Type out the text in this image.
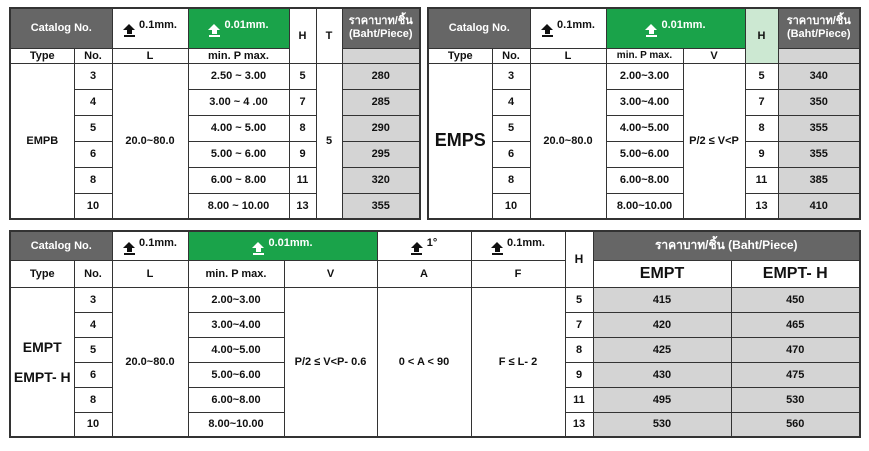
Catalog No.		0.1mm.	0.01mm.	H	T	ราคาบาท/ชิ้น
(Baht/Piece)

Type	No.	L	min. P max.			
EMPB	3	20.0~80.0	2.50 ~ 3.00	5	5	280
	4		3.00 ~ 4 .00	7		285
	5		4.00 ~ 5.00	8		290
	6		5.00 ~ 6.00	9		295
	8		6.00 ~ 8.00	11		320
	10		8.00 ~ 10.00	13		355
Catalog No.		0.1mm.	0.01mm.		H	ราคาบาท/ชิ้น
(Baht/Piece)

Type	No.	L	min. P max.	V		
EMPS	3	20.0~80.0	2.00~3.00	P/2 ≤ V<P	5	340
	4		3.00~4.00		7	350
	5		4.00~5.00		8	355
	6		5.00~6.00		9	355
	8		6.00~8.00		11	385
	10		8.00~10.00		13	410
Catalog No.		0.1mm.	0.01mm.		1°	0.1mm.	H	ราคาบาท/ชิ้น (Baht/Piece)	
Type	No.	L	min. P max.	V	A	F		EMPT	EMPT- H

EMPT
EMPT- H	3	20.0~80.0	2.00~3.00	P/2 ≤ V<P- 0.6	0 < A < 90	F ≤ L- 2	5	415	450
	4		3.00~4.00				7	420	465
	5		4.00~5.00				8	425	470
	6		5.00~6.00				9	430	475
	8		6.00~8.00				11	495	530
	10		8.00~10.00				13	530	560
